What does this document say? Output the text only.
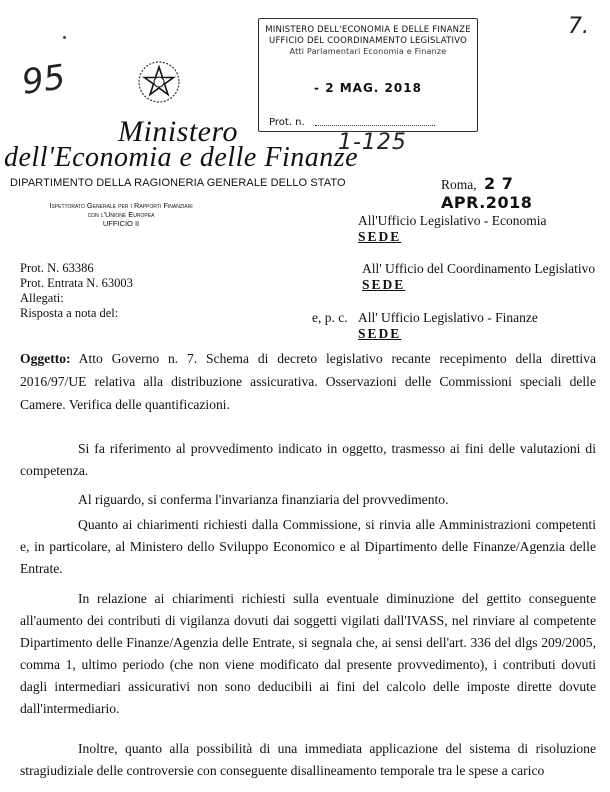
95
7.
MINISTERO DELL'ECONOMIA E DELLE FINANZE
UFFICIO DEL COORDINAMENTO LEGISLATIVO
Atti Parlamentari Economia e Finanze
- 2 MAG. 2018
Prot. n.
1-125
Ministero
dell'Economia e delle Finanze
DIPARTIMENTO DELLA RAGIONERIA GENERALE DELLO STATO	Roma, 2 7 APR.2018
Ispettorato Generale per i Rapporti Finanziari
con l'Unione Europea
UFFICIO II	All'Ufficio Legislativo - Economia
SEDE
All' Ufficio del Coordinamento Legislativo
SEDE
e, p. c. All' Ufficio Legislativo - Finanze
SEDE
Prot. N. 63386
Prot. Entrata N. 63003
Allegati:
Risposta a nota del:
Oggetto: Atto Governo n. 7. Schema di decreto legislativo recante recepimento della direttiva 2016/97/UE relativa alla distribuzione assicurativa. Osservazioni delle Commissioni speciali delle Camere. Verifica delle quantificazioni.
Si fa riferimento al provvedimento indicato in oggetto, trasmesso ai fini delle valutazioni di competenza.
Al riguardo, si conferma l'invarianza finanziaria del provvedimento.
Quanto ai chiarimenti richiesti dalla Commissione, si rinvia alle Amministrazioni competenti e, in particolare, al Ministero dello Sviluppo Economico e al Dipartimento delle Finanze/Agenzia delle Entrate.
In relazione ai chiarimenti richiesti sulla eventuale diminuzione del gettito conseguente all'aumento dei contributi di vigilanza dovuti dai soggetti vigilati dall'IVASS, nel rinviare al competente Dipartimento delle Finanze/Agenzia delle Entrate, si segnala che, ai sensi dell'art. 336 del dlgs 209/2005, comma 1, ultimo periodo (che non viene modificato dal presente provvedimento), i contributi dovuti dagli intermediari assicurativi non sono deducibili ai fini del calcolo delle imposte dirette dovute dall'intermediario.
Inoltre, quanto alla possibilità di una immediata applicazione del sistema di risoluzione stragiudiziale delle controversie con conseguente disallineamento temporale tra le spese a carico
